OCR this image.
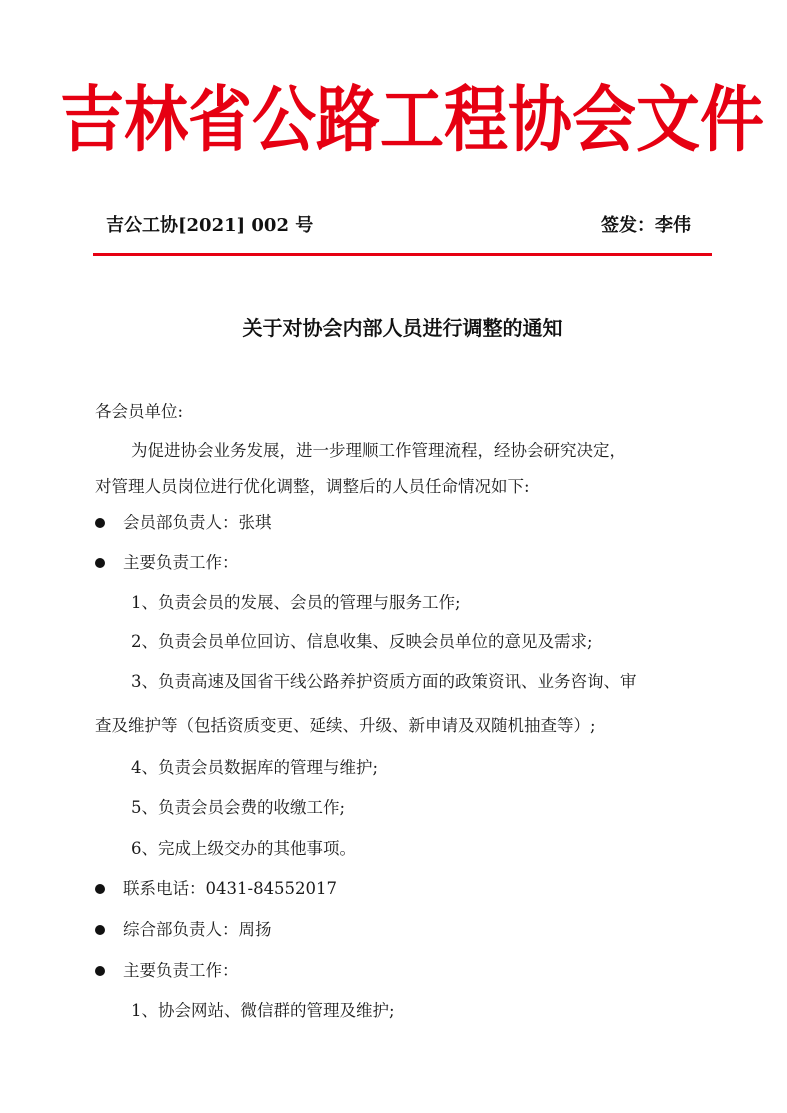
吉林省公路工程协会文件
吉公工协[2021] 002 号	签发：李伟
关于对协会内部人员进行调整的通知
各会员单位:
为促进协会业务发展，进一步理顺工作管理流程，经协会研究决定，
对管理人员岗位进行优化调整，调整后的人员任命情况如下:
会员部负责人：张琪
主要负责工作：
1、负责会员的发展、会员的管理与服务工作;
2、负责会员单位回访、信息收集、反映会员单位的意见及需求;
3、负责高速及国省干线公路养护资质方面的政策资讯、业务咨询、审
查及维护等（包括资质变更、延续、升级、新申请及双随机抽查等）;
4、负责会员数据库的管理与维护;
5、负责会员会费的收缴工作;
6、完成上级交办的其他事项。
联系电话：0431-84552017
综合部负责人：周扬
主要负责工作：
1、协会网站、微信群的管理及维护;
